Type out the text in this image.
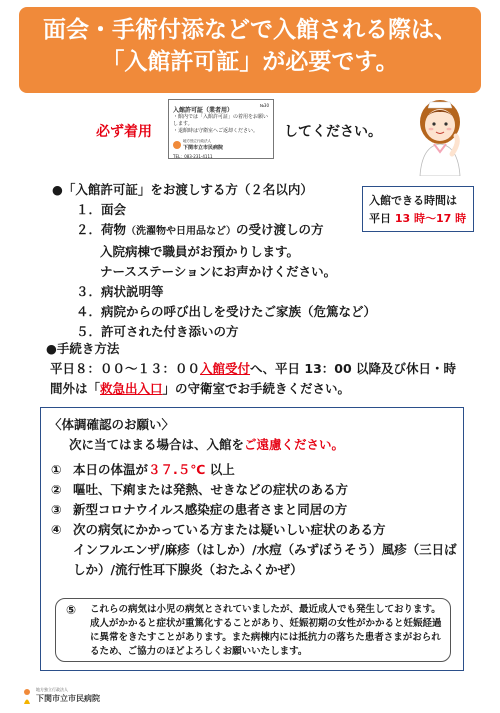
面会・手術付添などで入館される際は、
「入館許可証」が必要です。
必ず着用
№30
入館許可証（業者用）
・館内では「入館許可証」の着用をお願いします。
・退館時は守衛室へご返却ください。
地方独立行政法人
下関市立市民病院
TEL：083-231-4111
してください。
●「入館許可証」をお渡しする方（２名以内）
１．面会
２．荷物（洗濯物や日用品など）の受け渡しの方
入院病棟で職員がお預かりします。
ナースステーションにお声かけください。
３．病状説明等
４．病院からの呼び出しを受けたご家族（危篤など）
５．許可された付き添いの方
入館できる時間は
平日 13 時～17 時
●手続き方法
平日８：００～１３：００入館受付へ、平日 13：00 以降及び休日・時間外は「救急出入口」の守衛室でお手続きください。
〈体調確認のお願い〉
次に当てはまる場合は、入館をご遠慮ください。
① 本日の体温が３７.５℃ 以上
② 嘔吐、下痢または発熱、せきなどの症状のある方
③ 新型コロナウイルス感染症の患者さまと同居の方
④ 次の病気にかかっている方または疑いしい症状のある方
インフルエンザ/麻疹（はしか）/水痘（みずぼうそう）風疹（三日ばしか）/流行性耳下腺炎（おたふくかぜ）
⑤	これらの病気は小児の病気とされていましたが、最近成人でも発生しております。成人がかかると症状が重篤化することがあり、妊娠初期の女性がかかると妊娠経過に異常をきたすことがあります。また病棟内には抵抗力の落ちた患者さまがおられるため、ご協力のほどよろしくお願いいたします。
地方独立行政法人
下関市立市民病院
